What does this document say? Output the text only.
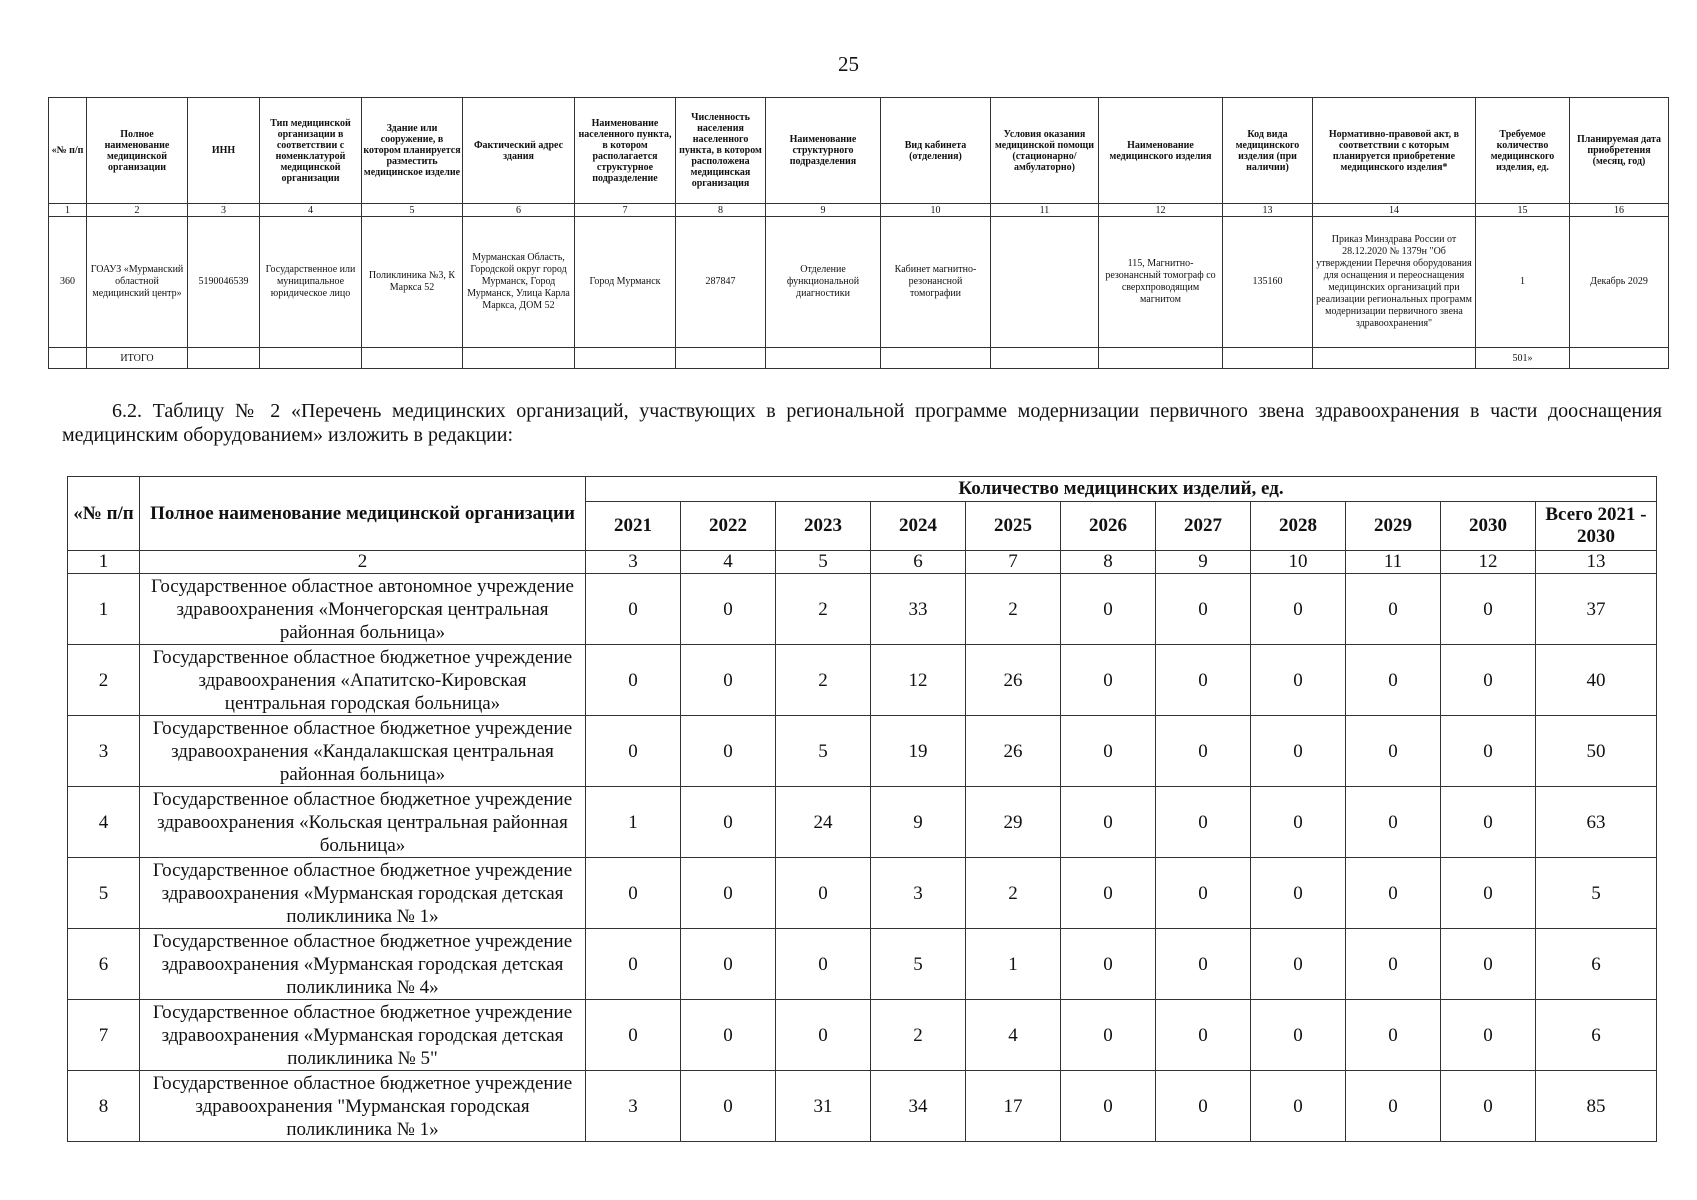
25
«№ п/п	Полное наименование медицинской организации	ИНН	Тип медицинской организации в соответствии с номенклатурой медицинской организации	Здание или сооружение, в котором планируется разместить медицинское изделие	Фактический адрес здания	Наименование населенного пункта, в котором располагается структурное подразделение	Численность населения населенного пункта, в котором расположена медицинская организация	Наименование структурного подразделения	Вид кабинета (отделения)	Условия оказания медицинской помощи (стационарно/ амбулаторно)	Наименование медицинского изделия	Код вида медицинского изделия (при наличии)	Нормативно-правовой акт, в соответствии с которым планируется приобретение медицинского изделия*	Требуемое количество медицинского изделия, ед.	Планируемая дата приобретения (месяц, год)
1	2	3	4	5	6	7	8	9	10	11	12	13	14	15	16
360	ГОАУЗ «Мурманский областной медицинский центр»	5190046539	Государственное или муниципальное юридическое лицо	Поликлиника №3, К Маркса 52	Мурманская Область, Городской округ город Мурманск, Город Мурманск, Улица Карла Маркса, ДОМ 52	Город Мурманск	287847	Отделение функциональной диагностики	Кабинет магнитно-резонансной томографии		115, Магнитно-резонансный томограф со сверхпроводящим магнитом	135160	Приказ Минздрава России от 28.12.2020 № 1379н "Об утверждении Перечня оборудования для оснащения и переоснащения медицинских организаций при реализации региональных программ модернизации первичного звена здравоохранения"	1	Декабрь 2029
	ИТОГО													501»	
6.2. Таблицу № 2 «Перечень медицинских организаций, участвующих в региональной программе модернизации первичного звена здравоохранения в части дооснащения медицинским оборудованием» изложить в редакции:
«№ п/п	Полное наименование медицинской организации	Количество медицинских изделий, ед.										
		2021	2022	2023	2024	2025	2026	2027	2028	2029	2030	Всего 2021 - 2030
1	2	3	4	5	6	7	8	9	10	11	12	13
1	Государственное областное автономное учреждение здравоохранения «Мончегорская центральная районная больница»	0	0	2	33	2	0	0	0	0	0	37
2	Государственное областное бюджетное учреждение здравоохранения «Апатитско-Кировская центральная городская больница»	0	0	2	12	26	0	0	0	0	0	40
3	Государственное областное бюджетное учреждение здравоохранения «Кандалакшская центральная районная больница»	0	0	5	19	26	0	0	0	0	0	50
4	Государственное областное бюджетное учреждение здравоохранения «Кольская центральная районная больница»	1	0	24	9	29	0	0	0	0	0	63
5	Государственное областное бюджетное учреждение здравоохранения «Мурманская городская детская поликлиника № 1»	0	0	0	3	2	0	0	0	0	0	5
6	Государственное областное бюджетное учреждение здравоохранения «Мурманская городская детская поликлиника № 4»	0	0	0	5	1	0	0	0	0	0	6
7	Государственное областное бюджетное учреждение здравоохранения «Мурманская городская детская поликлиника № 5"	0	0	0	2	4	0	0	0	0	0	6
8	Государственное областное бюджетное учреждение здравоохранения "Мурманская городская поликлиника № 1»	3	0	31	34	17	0	0	0	0	0	85
